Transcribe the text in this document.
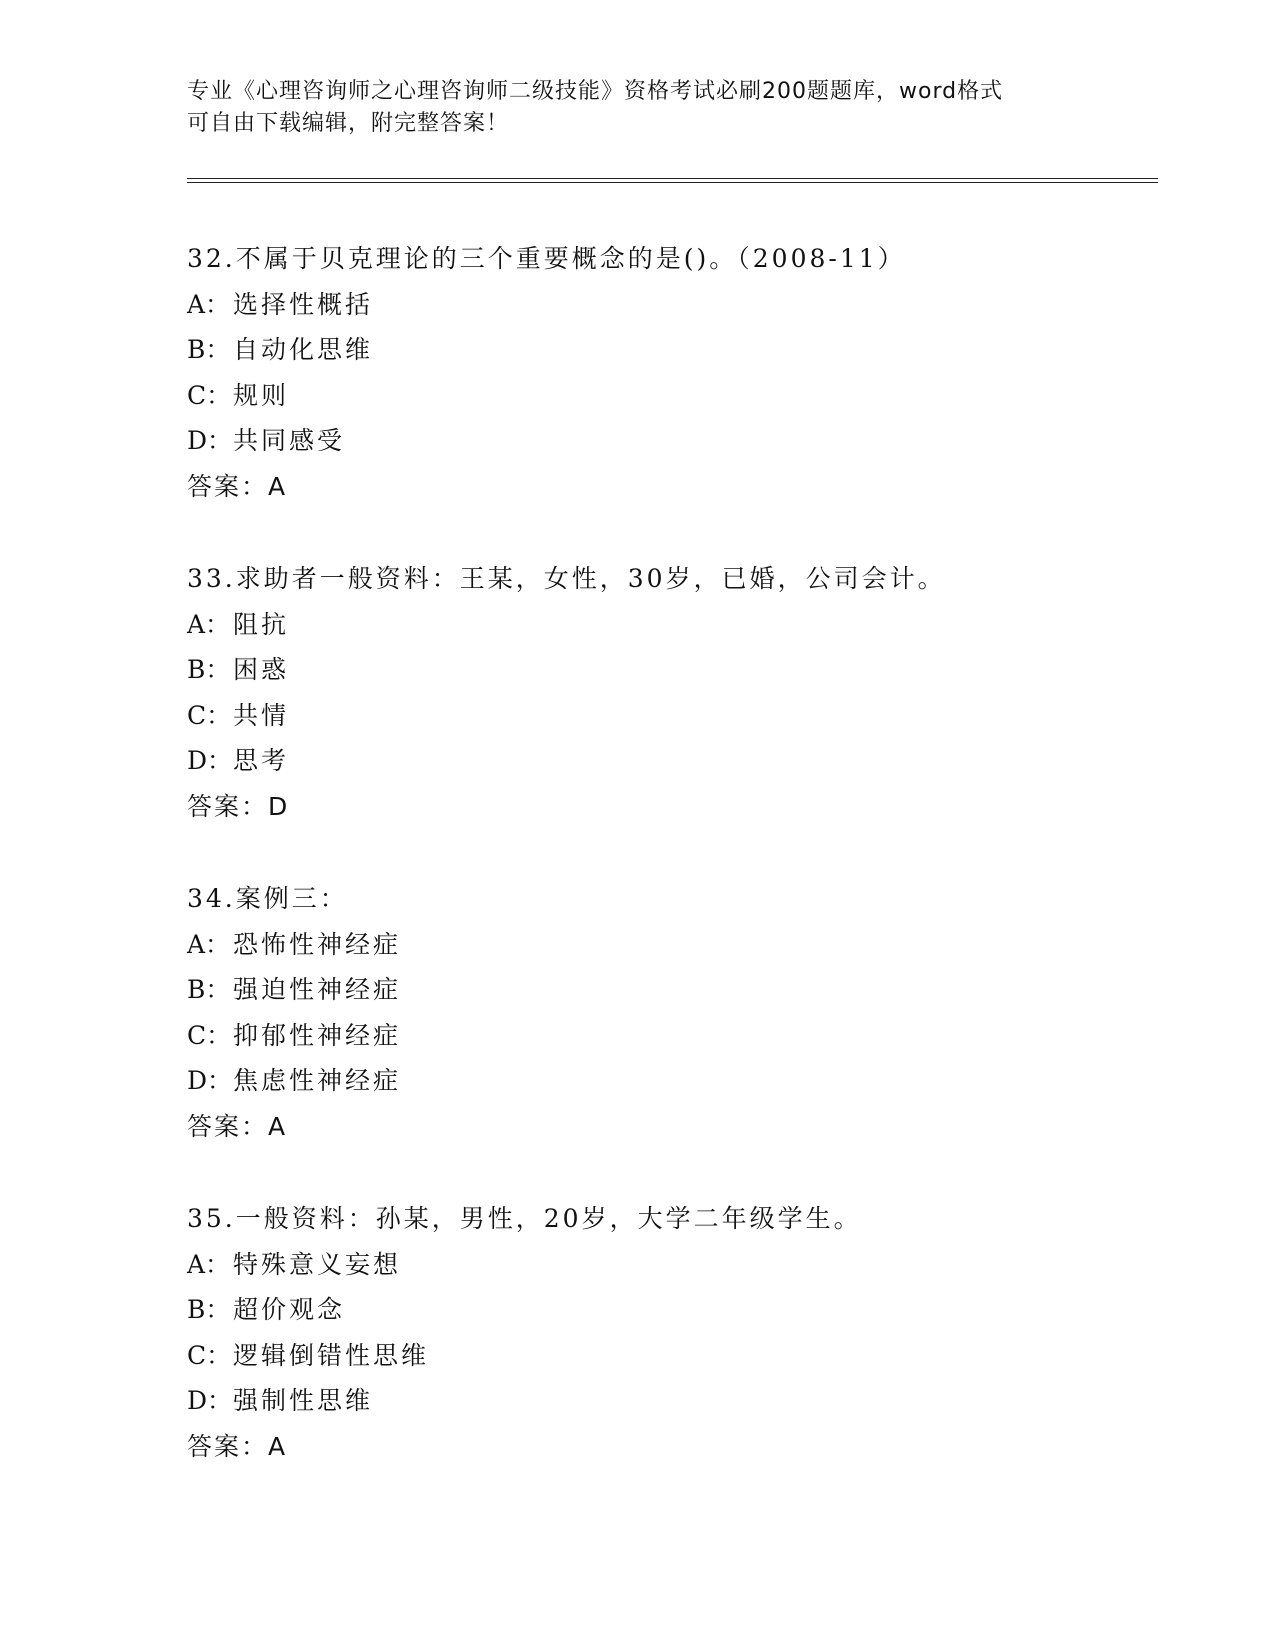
专业《心理咨询师之心理咨询师二级技能》资格考试必刷200题题库，word格式
可自由下载编辑，附完整答案！
32.不属于贝克理论的三个重要概念的是()。（2008-11）
A： 选择性概括
B： 自动化思维
C：规则
D：共同感受
答案：A
33.求助者一般资料：王某，女性，30岁，已婚，公司会计。
A： 阻抗
B： 困惑
C：共情
D：思考
答案：D
34.案例三：
A： 恐怖性神经症
B： 强迫性神经症
C：抑郁性神经症
D：焦虑性神经症
答案：A
35.一般资料：孙某，男性，20岁，大学二年级学生。
A： 特殊意义妄想
B： 超价观念
C：逻辑倒错性思维
D：强制性思维
答案：A
